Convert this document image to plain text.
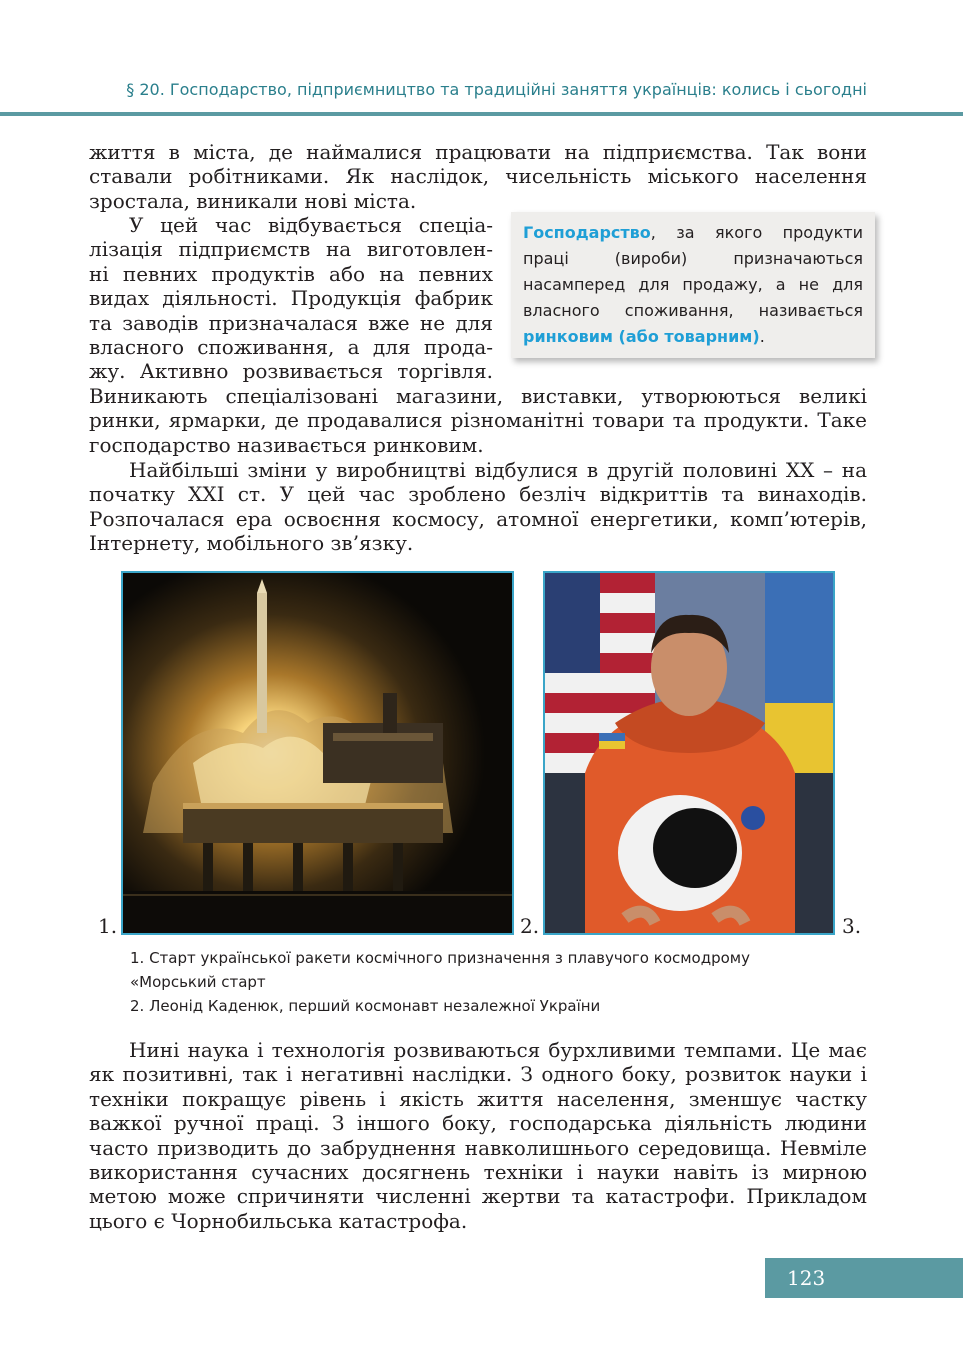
§ 20. Господарство, підприємництво та традиційні заняття українців: колись і сьогодні

життя в міста, де наймалися працювати на підприємства. Так вони ставали робітниками. Як наслідок, чисельність міського населення зростала, виникали нові міста.

У цей час відбувається спеціа-
лізація підприємств на виготовлен-
ні певних продуктів або на певних
видах діяльності. Продукція фабрик
та заводів призначалася вже не для
власного споживання, а для прода-
жу. Активно розвивається торгівля.
Господарство, за якого продукти праці (вироби) призначаються насамперед для продажу, а не для власного споживання, називається ринковим (або товарним).

Виникають спеціалізовані магазини, виставки, утворюються великі ринки, ярмарки, де продавалися різноманітні товари та продукти. Таке господарство називається ринковим.

Найбільші зміни у виробництві відбулися в другій половині XX – на початку XXI ст. У цей час зроблено безліч відкриттів та винаходів. Розпочалася ера освоєння космосу, атомної енергетики, комп’ютерів, Інтернету, мобільного зв’язку.

1.	2.	3.
1. Старт української ракети космічного призначення з плавучого космодрому
«Морський старт
2. Леонід Каденюк, перший космонавт незалежної України

Нині наука і технологія розвиваються бурхливими темпами. Це має як позитивні, так і негативні наслідки. З одного боку, розвиток науки і техніки покращує рівень і якість життя населення, зменшує частку важкої ручної праці. З іншого боку, господарська діяльність людини часто призводить до забруднення навколишнього середовища. Невміле використання сучасних досягнень техніки і науки навіть із мирною метою може спричиняти численні жертви та катастрофи. Прикладом цього є Чорнобильська катастрофа.

123
